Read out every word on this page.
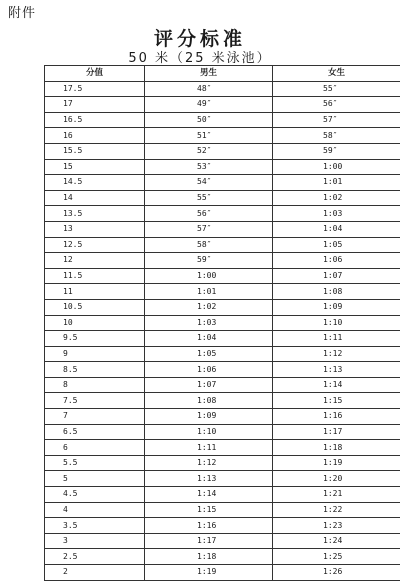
附件
评分标准
50 米（25 米泳池）
分值	男生	女生
17.5	48″	55″
17	49″	56″
16.5	50″	57″
16	51″	58″
15.5	52″	59″
15	53″	1:00
14.5	54″	1:01
14	55″	1:02
13.5	56″	1:03
13	57″	1:04
12.5	58″	1:05
12	59″	1:06
11.5	1:00	1:07
11	1:01	1:08
10.5	1:02	1:09
10	1:03	1:10
9.5	1:04	1:11
9	1:05	1:12
8.5	1:06	1:13
8	1:07	1:14
7.5	1:08	1:15
7	1:09	1:16
6.5	1:10	1:17
6	1:11	1:18
5.5	1:12	1:19
5	1:13	1:20
4.5	1:14	1:21
4	1:15	1:22
3.5	1:16	1:23
3	1:17	1:24
2.5	1:18	1:25
2	1:19	1:26
